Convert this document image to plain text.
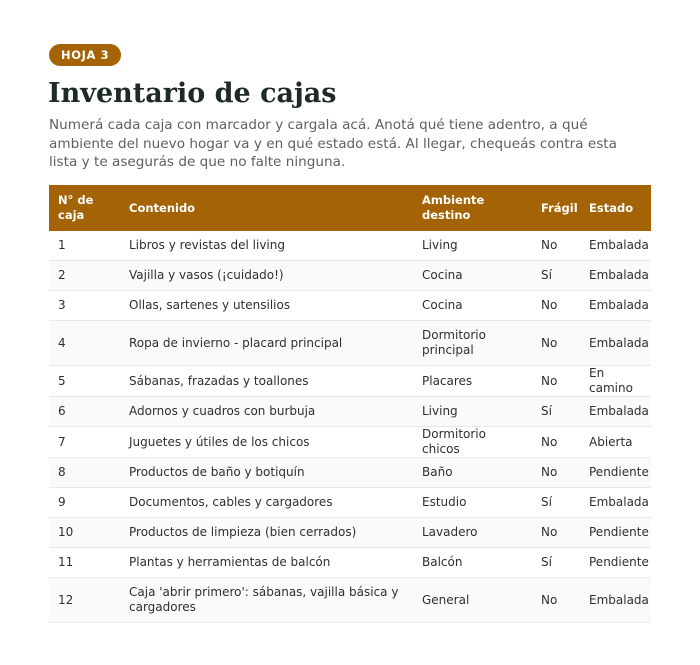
HOJA 3
Inventario de cajas

Numerá cada caja con marcador y cargala acá. Anotá qué tiene adentro, a qué ambiente del nuevo hogar va y en qué estado está. Al llegar, chequeás contra esta lista y te asegurás de que no falte ninguna.

N° de caja	Contenido	Ambiente destino	Frágil	Estado
1	Libros y revistas del living	Living	No	Embalada
2	Vajilla y vasos (¡cuidado!)	Cocina	Sí	Embalada
3	Ollas, sartenes y utensilios	Cocina	No	Embalada
4	Ropa de invierno - placard principal	Dormitorio principal	No	Embalada
5	Sábanas, frazadas y toallones	Placares	No	En camino
6	Adornos y cuadros con burbuja	Living	Sí	Embalada
7	Juguetes y útiles de los chicos	Dormitorio chicos	No	Abierta
8	Productos de baño y botiquín	Baño	No	Pendiente
9	Documentos, cables y cargadores	Estudio	Sí	Embalada
10	Productos de limpieza (bien cerrados)	Lavadero	No	Pendiente
11	Plantas y herramientas de balcón	Balcón	Sí	Pendiente
12	Caja 'abrir primero': sábanas, vajilla básica y cargadores	General	No	Embalada
